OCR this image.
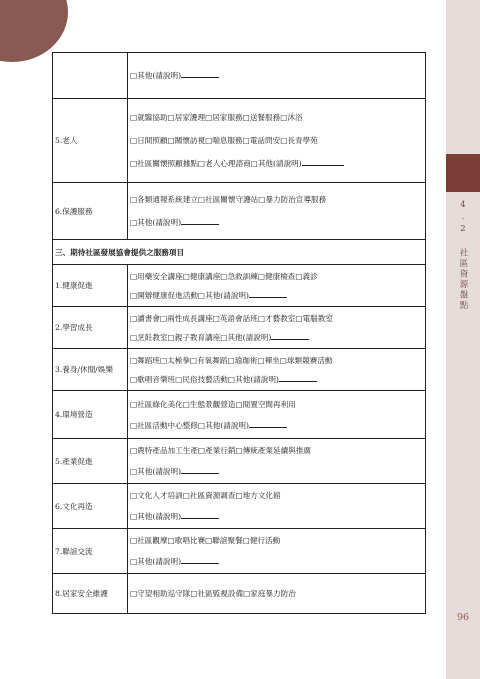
4.2 社區資源盤點
96

	□其他(請說明)

5.老人	□就醫協助□居家護理□居家服務□送餐服務□沐浴
□日間照顧□關懷訪視□喘息服務□電話問安□長青學苑
□社區關懷照顧據點□老人心理諮商□其他(請說明)

6.保護服務	□各類通報系統建立□社區關懷守護站□暴力防治宣導服務
□其他(請說明)

三、期待社區發展協會提供之服務項目	
1.健康促進	□用藥安全講座□健康講座□急救訓練□健康檢查□義診
□開辦健康促進活動□其他(請說明)

2.學習成長	□讀書會□兩性成長講座□英語會話班□才藝教室□電腦教室
□烹飪教室□親子教育講座□其他(請說明)

3.養身/休閒/娛樂	□舞蹈班□太極拳□有氧舞蹈□瑜珈術□禪坐□球類競賽活動
□歌唱音樂班□民俗技藝活動□其他(請說明)

4.環境營造	□社區綠化美化□生態景觀營造□閒置空間再利用
□社區活動中心整修□其他(請說明)

5.產業促進	□農特產品加工生產□產業行銷□傳統產業延續與推廣
□其他(請說明)

6.文化再造	□文化人才培訓□社區資源調查□地方文化館
□其他(請說明)

7.聯誼交流	□社區觀摩□歌唱比賽□聯誼聚餐□健行活動
□其他(請說明)

8.居家安全維護	□守望相助巡守隊□社區監視設備□家庭暴力防治
